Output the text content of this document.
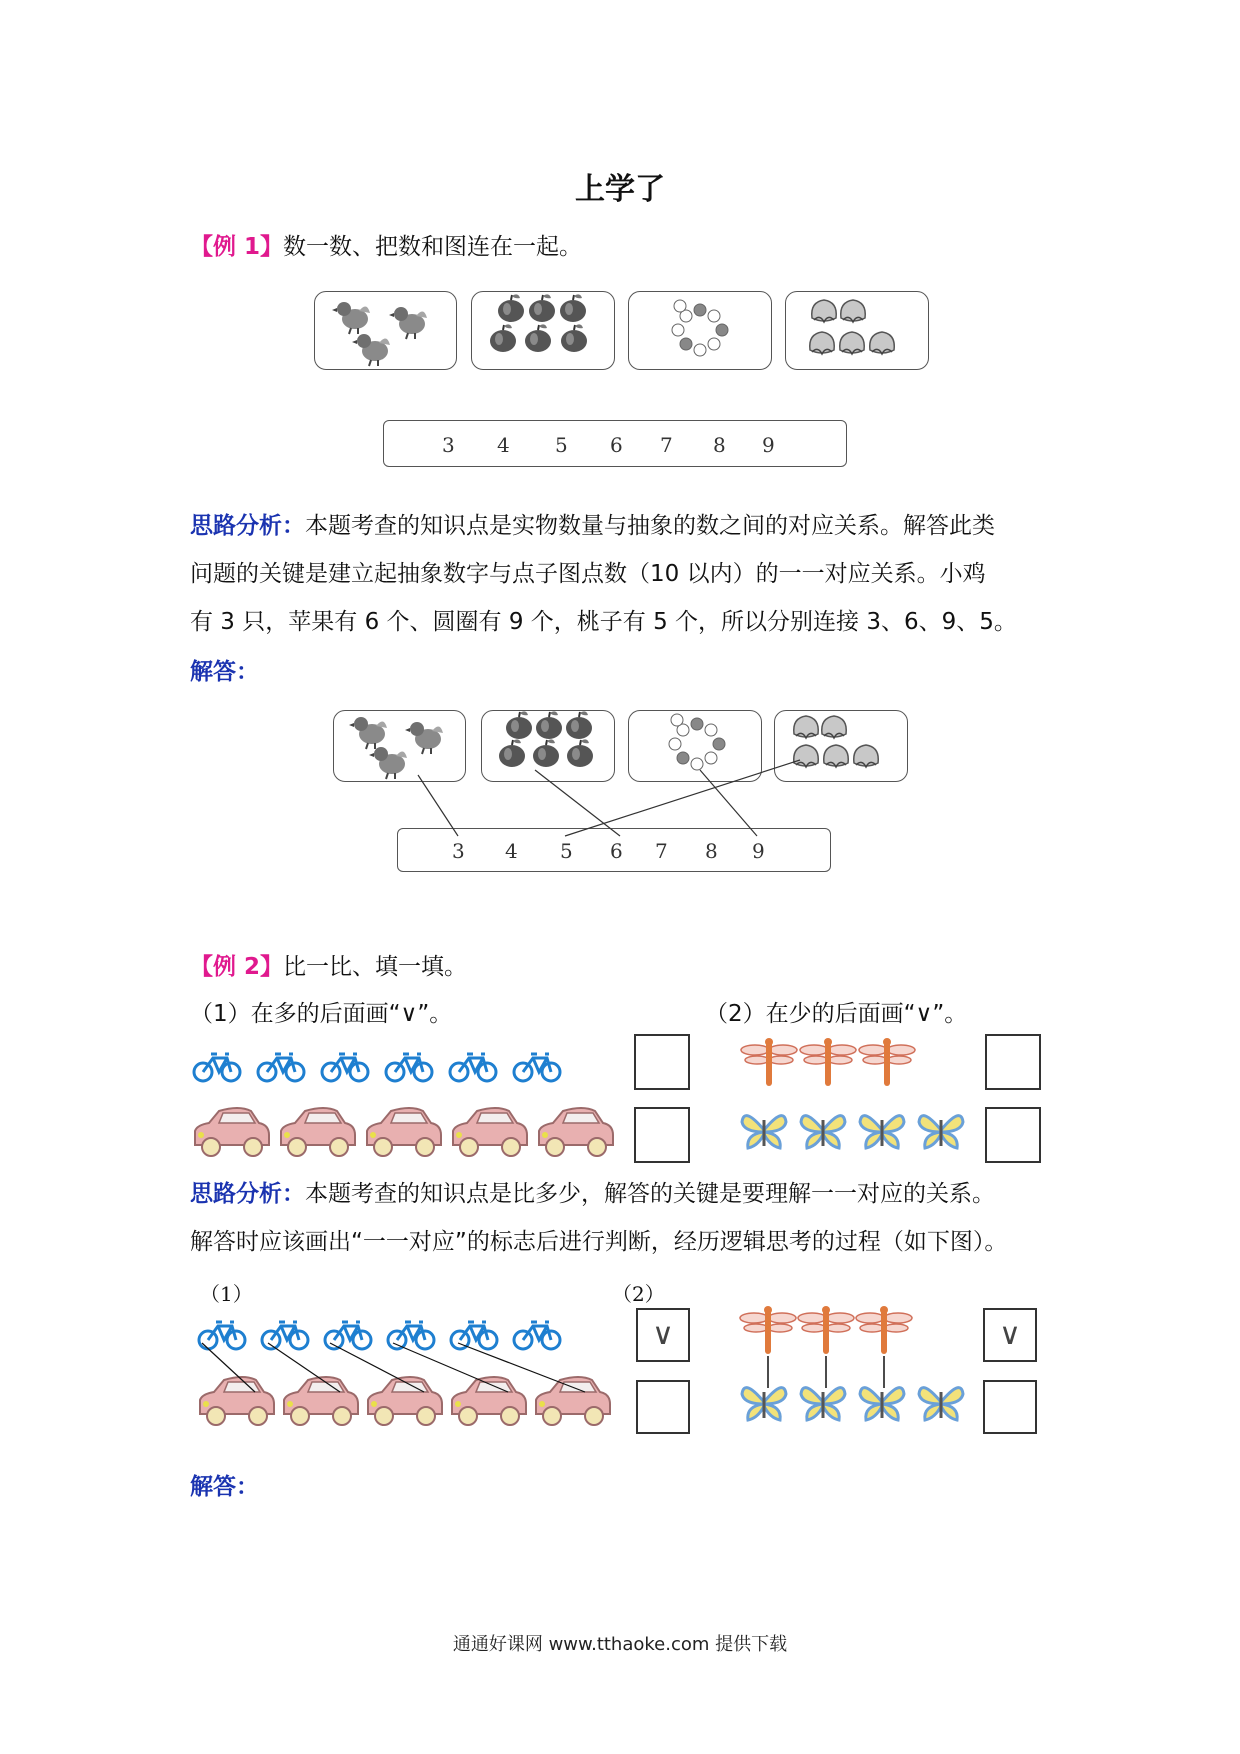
上学了
【例 1】数一数、把数和图连在一起。
3 4 5 6 7 8 9
思路分析：本题考查的知识点是实物数量与抽象的数之间的对应关系。解答此类
问题的关键是建立起抽象数字与点子图点数（10 以内）的一一对应关系。小鸡
有 3 只，苹果有 6 个、圆圈有 9 个，桃子有 5 个，所以分别连接 3、6、9、5。
解答：
3 4 5 6 7 8 9
【例 2】比一比、填一填。
（1）在多的后面画“∨”。	（2）在少的后面画“∨”。
思路分析：本题考查的知识点是比多少，解答的关键是要理解一一对应的关系。
解答时应该画出“一一对应”的标志后进行判断，经历逻辑思考的过程（如下图）。
（1）	（2）
∨	∨
解答：
通通好课网 www.tthaoke.com 提供下载
